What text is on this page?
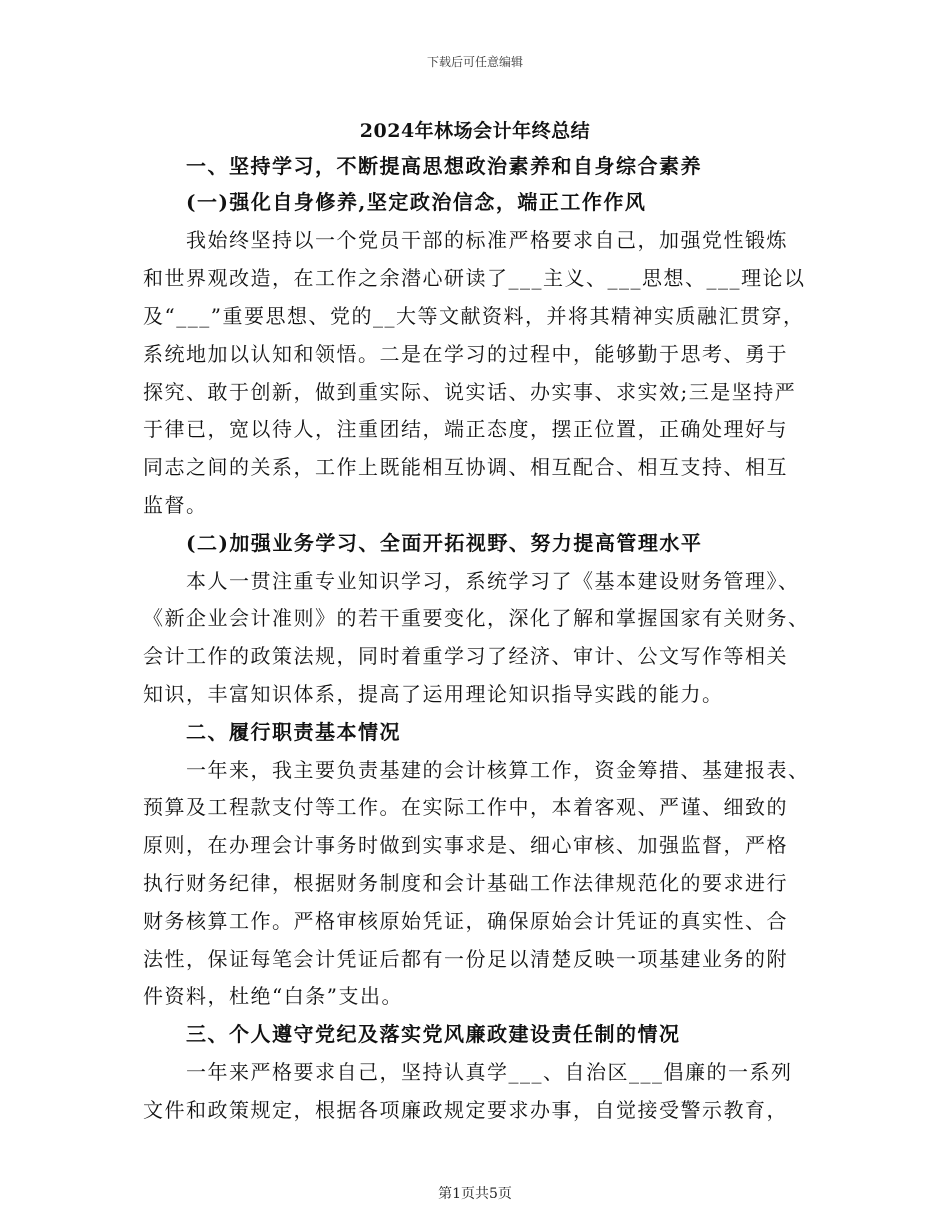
下载后可任意编辑
2024年林场会计年终总结
一、坚持学习，不断提高思想政治素养和自身综合素养
(一)强化自身修养,坚定政治信念，端正工作作风
我始终坚持以一个党员干部的标准严格要求自己，加强党性锻炼
和世界观改造，在工作之余潜心研读了___主义、___思想、___理论以
及“___”重要思想、党的__大等文献资料，并将其精神实质融汇贯穿，
系统地加以认知和领悟。二是在学习的过程中，能够勤于思考、勇于
探究、敢于创新，做到重实际、说实话、办实事、求实效;三是坚持严
于律已，宽以待人，注重团结，端正态度，摆正位置，正确处理好与
同志之间的关系，工作上既能相互协调、相互配合、相互支持、相互
监督。
(二)加强业务学习、全面开拓视野、努力提高管理水平
本人一贯注重专业知识学习，系统学习了《基本建设财务管理》、
《新企业会计准则》的若干重要变化，深化了解和掌握国家有关财务、
会计工作的政策法规，同时着重学习了经济、审计、公文写作等相关
知识，丰富知识体系，提高了运用理论知识指导实践的能力。
二、履行职责基本情况
一年来，我主要负责基建的会计核算工作，资金筹措、基建报表、
预算及工程款支付等工作。在实际工作中，本着客观、严谨、细致的
原则，在办理会计事务时做到实事求是、细心审核、加强监督，严格
执行财务纪律，根据财务制度和会计基础工作法律规范化的要求进行
财务核算工作。严格审核原始凭证，确保原始会计凭证的真实性、合
法性，保证每笔会计凭证后都有一份足以清楚反映一项基建业务的附
件资料，杜绝“白条”支出。
三、个人遵守党纪及落实党风廉政建设责任制的情况
一年来严格要求自己，坚持认真学___、自治区___倡廉的一系列
文件和政策规定，根据各项廉政规定要求办事，自觉接受警示教育，
第1页共5页
